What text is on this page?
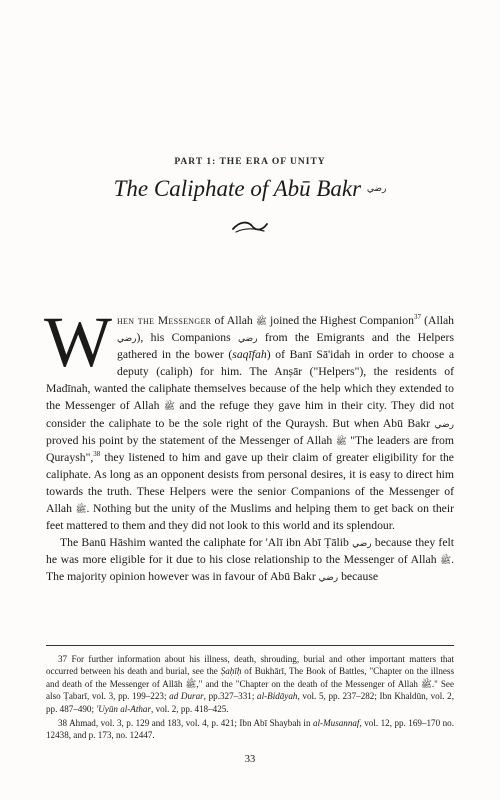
PART 1: THE ERA OF UNITY
The Caliphate of Abū Bakr $^{رضي}$

When the Messenger of Allah ﷺ joined the Highest Companion$^{37}$ (Allah رضي), his Companions رضي from the Emigrants and the Helpers gathered in the bower (saqīfah) of Banī Sā'idah in order to choose a deputy (caliph) for him. The Anṣār ("Helpers"), the residents of Madīnah, wanted the caliphate themselves because of the help which they extended to the Messenger of Allah ﷺ and the refuge they gave him in their city. They did not consider the caliphate to be the sole right of the Quraysh. But when Abū Bakr رضي proved his point by the statement of the Messenger of Allah ﷺ "The leaders are from Quraysh",$^{38}$ they listened to him and gave up their claim of greater eligibility for the caliphate. As long as an opponent desists from personal desires, it is easy to direct him towards the truth. These Helpers were the senior Companions of the Messenger of Allah ﷺ. Nothing but the unity of the Muslims and helping them to get back on their feet mattered to them and they did not look to this world and its splendour.

The Banū Hāshim wanted the caliphate for 'Alī ibn Abī Ṭālib رضي because they felt he was more eligible for it due to his close relationship to the Messenger of Allah ﷺ. The majority opinion however was in favour of Abū Bakr رضي because

37 For further information about his illness, death, shrouding, burial and other important matters that occurred between his death and burial, see the Ṣaḥīḥ of Bukhārī, The Book of Battles, "Chapter on the illness and death of the Messenger of Allāh ﷺ," and the "Chapter on the death of the Messenger of Allah ﷺ." See also Ṭabarī, vol. 3, pp. 199–223; ad Durar, pp.327–331; al-Bidāyah, vol. 5, pp. 237–282; Ibn Khaldūn, vol. 2, pp. 487–490; 'Uyūn al-Athar, vol. 2, pp. 418–425.

38 Ahmad, vol. 3, p. 129 and 183, vol. 4, p. 421; Ibn Abī Shaybah in al-Musannaf, vol. 12, pp. 169–170 no. 12438, and p. 173, no. 12447.

33
